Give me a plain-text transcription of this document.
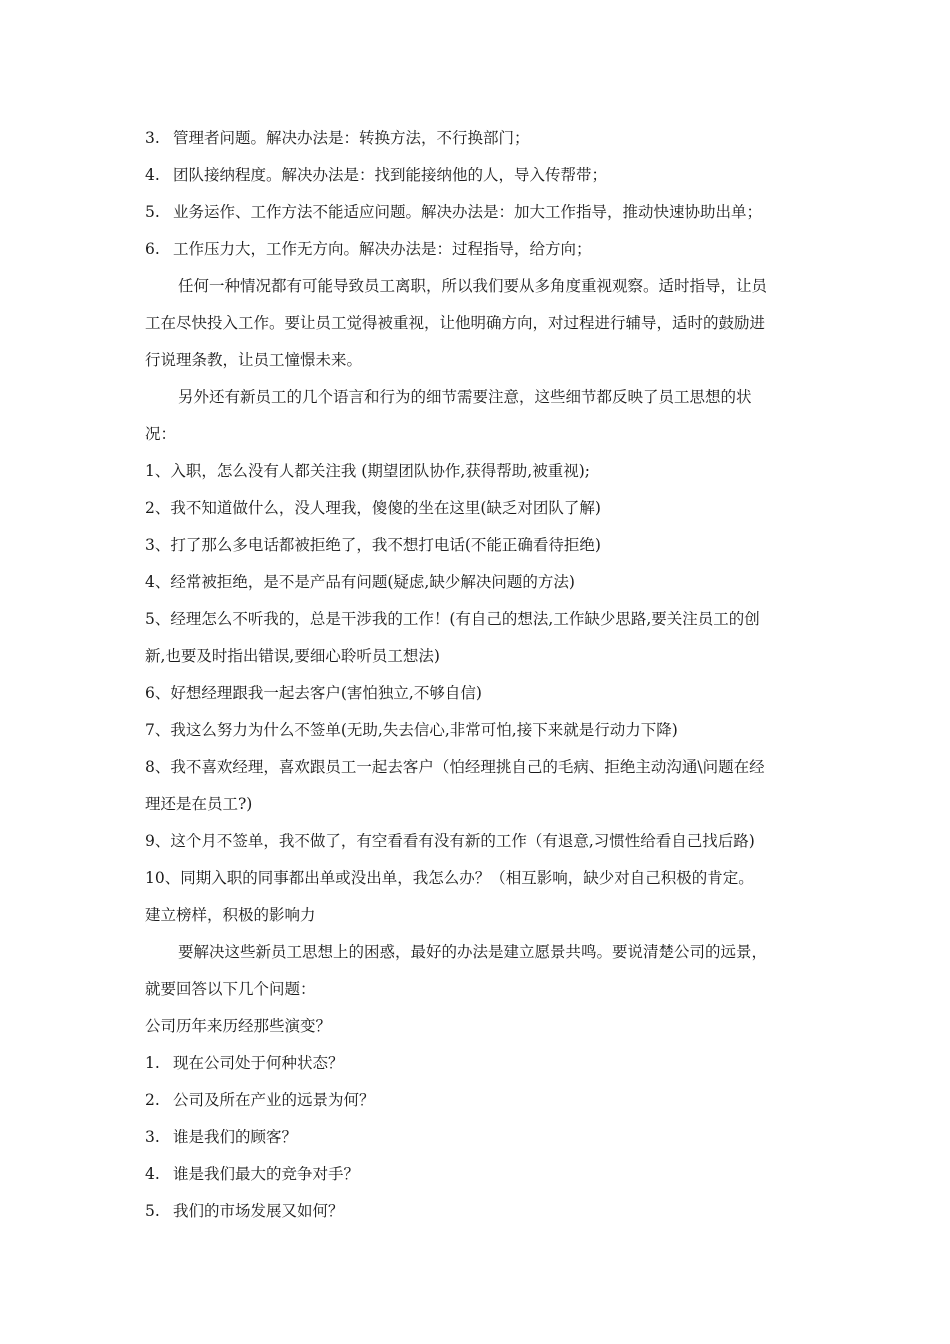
3. 管理者问题。解决办法是：转换方法，不行换部门；
4. 团队接纳程度。解决办法是：找到能接纳他的人，导入传帮带；
5. 业务运作、工作方法不能适应问题。解决办法是：加大工作指导，推动快速协助出单；
6. 工作压力大，工作无方向。解决办法是：过程指导，给方向；
任何一种情况都有可能导致员工离职，所以我们要从多角度重视观察。适时指导，让员
工在尽快投入工作。要让员工觉得被重视，让他明确方向，对过程进行辅导，适时的鼓励进
行说理条教，让员工憧憬未来。
另外还有新员工的几个语言和行为的细节需要注意，这些细节都反映了员工思想的状
况：
1、入职，怎么没有人都关注我 (期望团队协作,获得帮助,被重视);
2、我不知道做什么，没人理我，傻傻的坐在这里(缺乏对团队了解)
3、打了那么多电话都被拒绝了，我不想打电话(不能正确看待拒绝)
4、经常被拒绝，是不是产品有问题(疑虑,缺少解决问题的方法)
5、经理怎么不听我的，总是干涉我的工作！(有自己的想法,工作缺少思路,要关注员工的创
新,也要及时指出错误,要细心聆听员工想法)
6、好想经理跟我一起去客户(害怕独立,不够自信)
7、我这么努力为什么不签单(无助,失去信心,非常可怕,接下来就是行动力下降)
8、我不喜欢经理，喜欢跟员工一起去客户（怕经理挑自己的毛病、拒绝主动沟通\问题在经
理还是在员工?)
9、这个月不签单，我不做了，有空看看有没有新的工作（有退意,习惯性给看自己找后路)
10、同期入职的同事都出单或没出单，我怎么办？（相互影响，缺少对自己积极的肯定。
建立榜样，积极的影响力
要解决这些新员工思想上的困惑，最好的办法是建立愿景共鸣。要说清楚公司的远景，
就要回答以下几个问题：
公司历年来历经那些演变？
1. 现在公司处于何种状态？
2. 公司及所在产业的远景为何？
3. 谁是我们的顾客？
4. 谁是我们最大的竞争对手？
5. 我们的市场发展又如何？
